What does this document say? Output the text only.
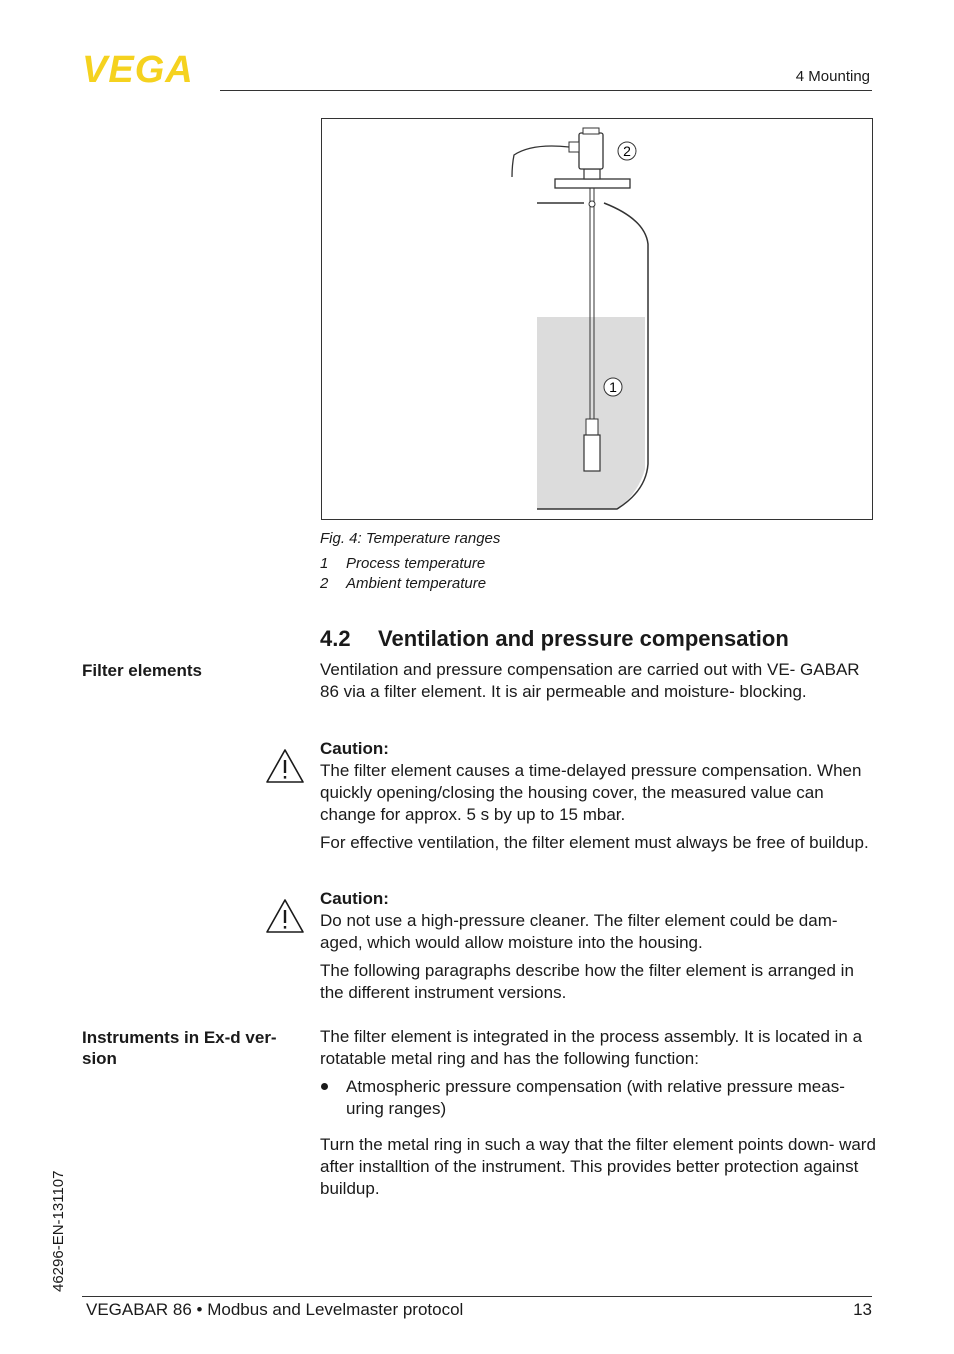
VEGA	4 Mounting
2
1
Fig. 4: Temperature ranges
1 Process temperature
2 Ambient temperature
4.2 Ventilation and pressure compensation
Filter elements
Instruments in Ex-d ver- sion
Ventilation and pressure compensation are carried out with VE- GABAR 86 via a filter element. It is air permeable and moisture- blocking.
Caution:
The filter element causes a time-delayed pressure compensation. When quickly opening/closing the housing cover, the measured value can change for approx. 5 s by up to 15 mbar.
For effective ventilation, the filter element must always be free of buildup.
Caution:
Do not use a high-pressure cleaner. The filter element could be dam- aged, which would allow moisture into the housing.
The following paragraphs describe how the filter element is arranged in the different instrument versions.
The filter element is integrated in the process assembly. It is located in a rotatable metal ring and has the following function:
Atmospheric pressure compensation (with relative pressure meas- uring ranges)
Turn the metal ring in such a way that the filter element points down- ward after installtion of the instrument. This provides better protection against buildup.
46296-EN-131107
VEGABAR 86 • Modbus and Levelmaster protocol	13
